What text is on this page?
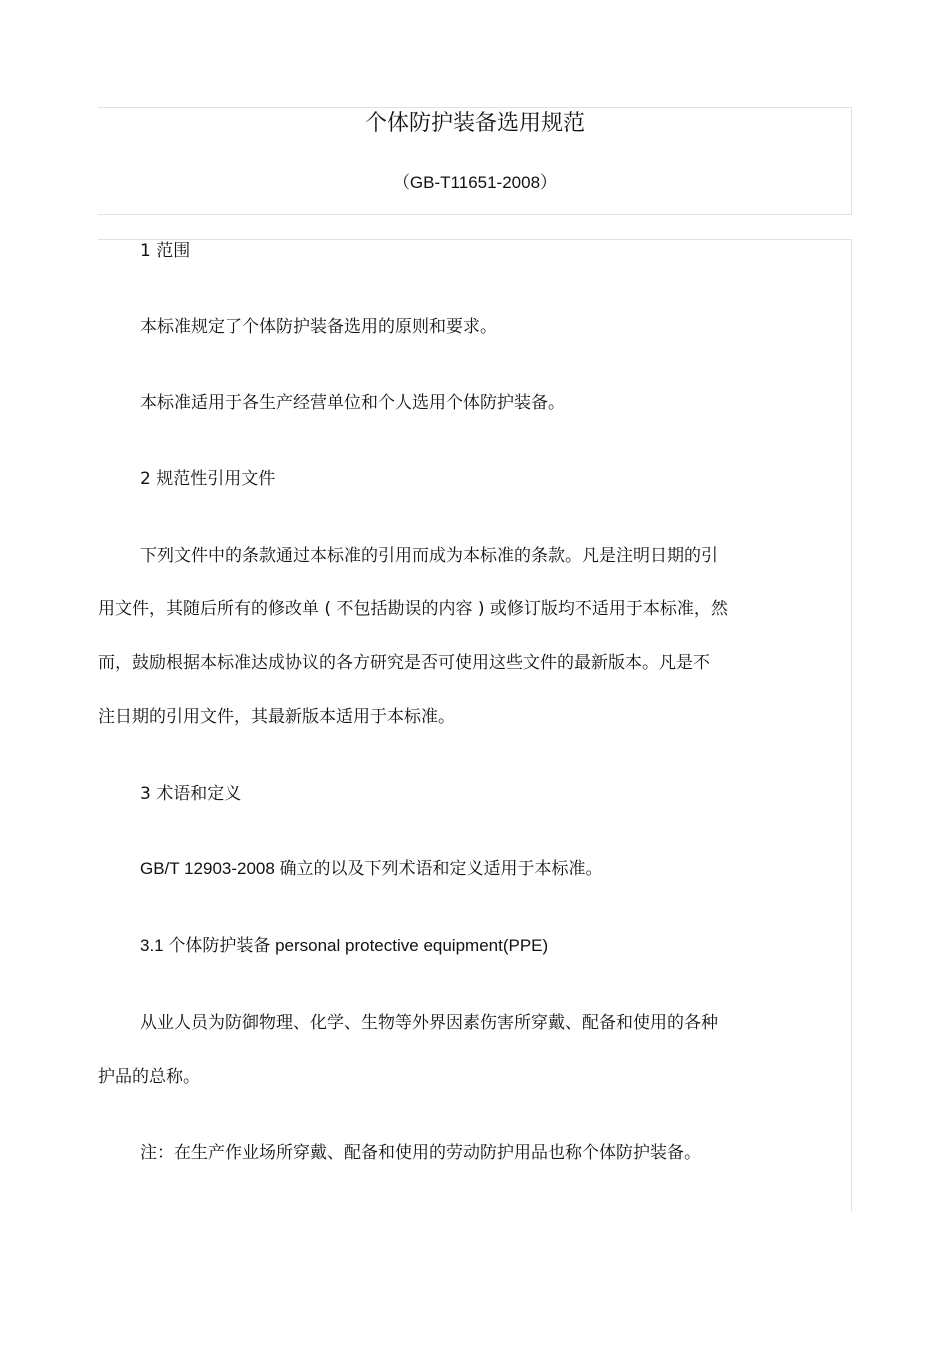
个体防护装备选用规范
（GB-T11651-2008）
1 范围
本标准规定了个体防护装备选用的原则和要求。
本标准适用于各生产经营单位和个人选用个体防护装备。
2 规范性引用文件
下列文件中的条款通过本标准的引用而成为本标准的条款。凡是注明日期的引
用文件，其随后所有的修改单 ( 不包括勘误的内容 ) 或修订版均不适用于本标准，然
而，鼓励根据本标准达成协议的各方研究是否可使用这些文件的最新版本。凡是不
注日期的引用文件，其最新版本适用于本标准。
3 术语和定义
GB/T 12903-2008 确立的以及下列术语和定义适用于本标准。
3.1 个体防护装备 personal protective equipment(PPE)
从业人员为防御物理、化学、生物等外界因素伤害所穿戴、配备和使用的各种
护品的总称。
注：在生产作业场所穿戴、配备和使用的劳动防护用品也称个体防护装备。
